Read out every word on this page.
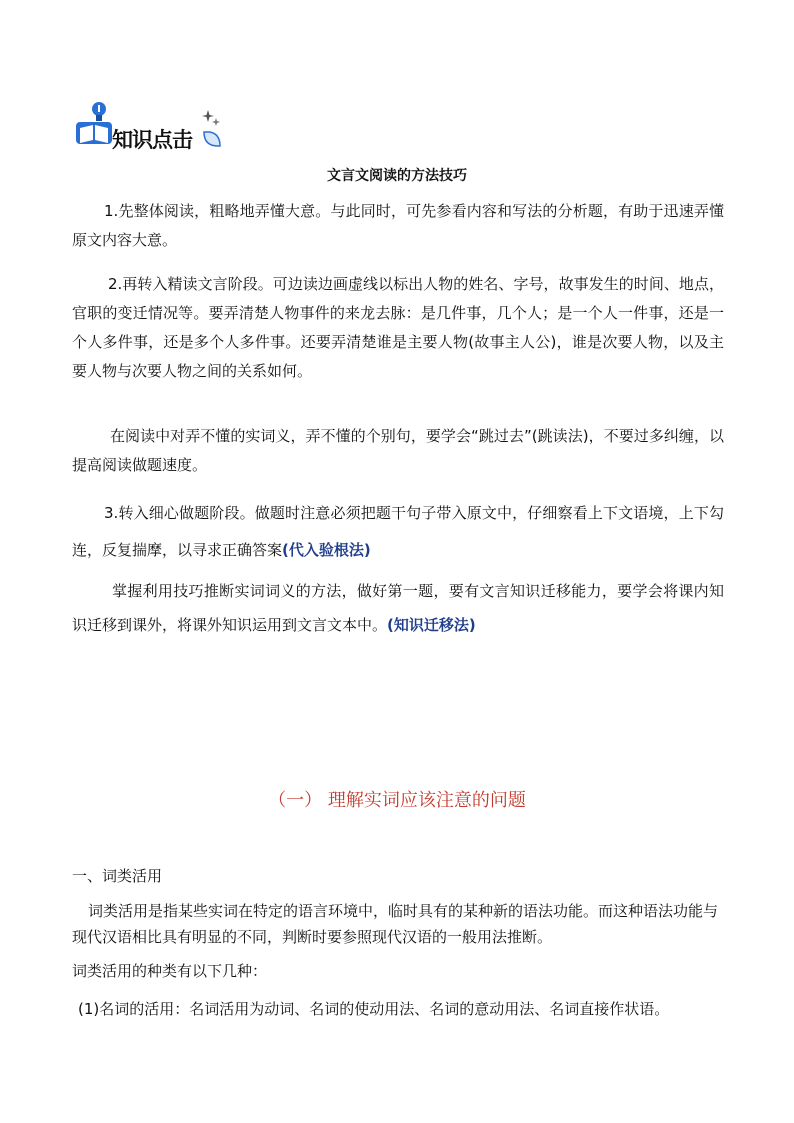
知识点击
文言文阅读的方法技巧

1.先整体阅读，粗略地弄懂大意。与此同时，可先参看内容和写法的分析题，有助于迅速弄懂原文内容大意。

2.再转入精读文言阶段。可边读边画虚线以标出人物的姓名、字号，故事发生的时间、地点，官职的变迁情况等。要弄清楚人物事件的来龙去脉：是几件事，几个人；是一个人一件事，还是一个人多件事，还是多个人多件事。还要弄清楚谁是主要人物(故事主人公)，谁是次要人物，以及主要人物与次要人物之间的关系如何。

在阅读中对弄不懂的实词义，弄不懂的个别句，要学会“跳过去”(跳读法)，不要过多纠缠，以提高阅读做题速度。

3.转入细心做题阶段。做题时注意必须把题干句子带入原文中，仔细察看上下文语境，上下勾连，反复揣摩，以寻求正确答案(代入验根法)

掌握利用技巧推断实词词义的方法，做好第一题，要有文言知识迁移能力，要学会将课内知识迁移到课外，将课外知识运用到文言文本中。(知识迁移法)

（一） 理解实词应该注意的问题
一、词类活用

词类活用是指某些实词在特定的语言环境中，临时具有的某种新的语法功能。而这种语法功能与现代汉语相比具有明显的不同，判断时要参照现代汉语的一般用法推断。

词类活用的种类有以下几种：
(1)名词的活用：名词活用为动词、名词的使动用法、名词的意动用法、名词直接作状语。
